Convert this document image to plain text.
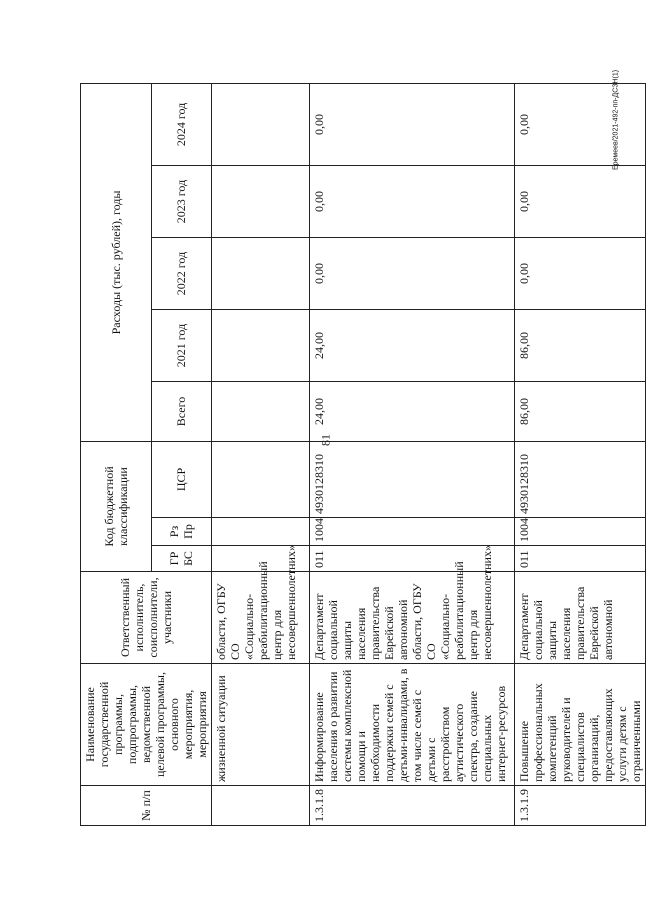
81
Еремеев/2021-492-пп-ДСЗН(1)
№ п/п	Наименование государственной программы, подпрограммы, ведомственной целевой программы, основного мероприятия, мероприятия	Ответственный исполнитель, соисполнители, участники	Код бюджетной классификации			Расходы (тыс. рублей), годы				
			ГР БС	Рз Пр	ЦСР	Всего	2021 год	2022 год	2023 год	2024 год
	жизненной ситуации	области, ОГБУ СО «Социально-реабилитационный центр для несовершеннолетних»								
1.3.1.8	Информирование населения о развитии системы комплексной помощи и необходимости поддержки семей с детьми-инвалидами, в том числе семей с детьми с расстройством аутистического спектра, создание специальных интернет-ресурсов	Департамент социальной защиты населения правительства Еврейской автономной области, ОГБУ СО «Социально-реабилитационный центр для несовершеннолетних»	011	1004	4930128310	24,00	24,00	0,00	0,00	0,00
1.3.1.9	Повышение профессиональных компетенций руководителей и специалистов организаций, предоставляющих услуги детям с ограниченными	Департамент социальной защиты населения правительства Еврейской автономной	011	1004	4930128310	86,00	86,00	0,00	0,00	0,00
